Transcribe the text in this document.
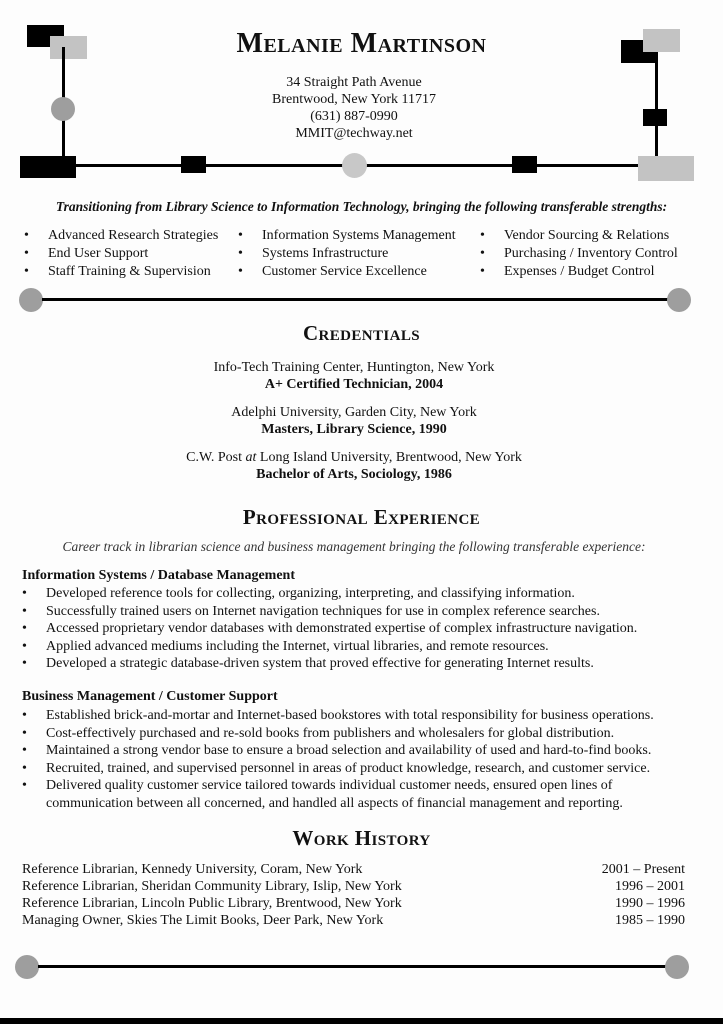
Melanie Martinson
34 Straight Path Avenue
Brentwood, New York 11717
(631) 887-0990
MMIT@techway.net
Transitioning from Library Science to Information Technology, bringing the following transferable strengths:
• Advanced Research Strategies
• End User Support
• Staff Training & Supervision
• Information Systems Management
• Systems Infrastructure
• Customer Service Excellence
• Vendor Sourcing & Relations
• Purchasing / Inventory Control
• Expenses / Budget Control
Credentials
Info-Tech Training Center, Huntington, New York
A+ Certified Technician, 2004
Adelphi University, Garden City, New York
Masters, Library Science, 1990
C.W. Post at Long Island University, Brentwood, New York
Bachelor of Arts, Sociology, 1986
Professional Experience
Career track in librarian science and business management bringing the following transferable experience:
Information Systems / Database Management
• Developed reference tools for collecting, organizing, interpreting, and classifying information.
• Successfully trained users on Internet navigation techniques for use in complex reference searches.
• Accessed proprietary vendor databases with demonstrated expertise of complex infrastructure navigation.
• Applied advanced mediums including the Internet, virtual libraries, and remote resources.
• Developed a strategic database-driven system that proved effective for generating Internet results.
Business Management / Customer Support
• Established brick-and-mortar and Internet-based bookstores with total responsibility for business operations.
• Cost-effectively purchased and re-sold books from publishers and wholesalers for global distribution.
• Maintained a strong vendor base to ensure a broad selection and availability of used and hard-to-find books.
• Recruited, trained, and supervised personnel in areas of product knowledge, research, and customer service.
• Delivered quality customer service tailored towards individual customer needs, ensured open lines of communication between all concerned, and handled all aspects of financial management and reporting.
Work History
Reference Librarian, Kennedy University, Coram, New York	2001 – Present
Reference Librarian, Sheridan Community Library, Islip, New York	1996 – 2001
Reference Librarian, Lincoln Public Library, Brentwood, New York	1990 – 1996
Managing Owner, Skies The Limit Books, Deer Park, New York	1985 – 1990
